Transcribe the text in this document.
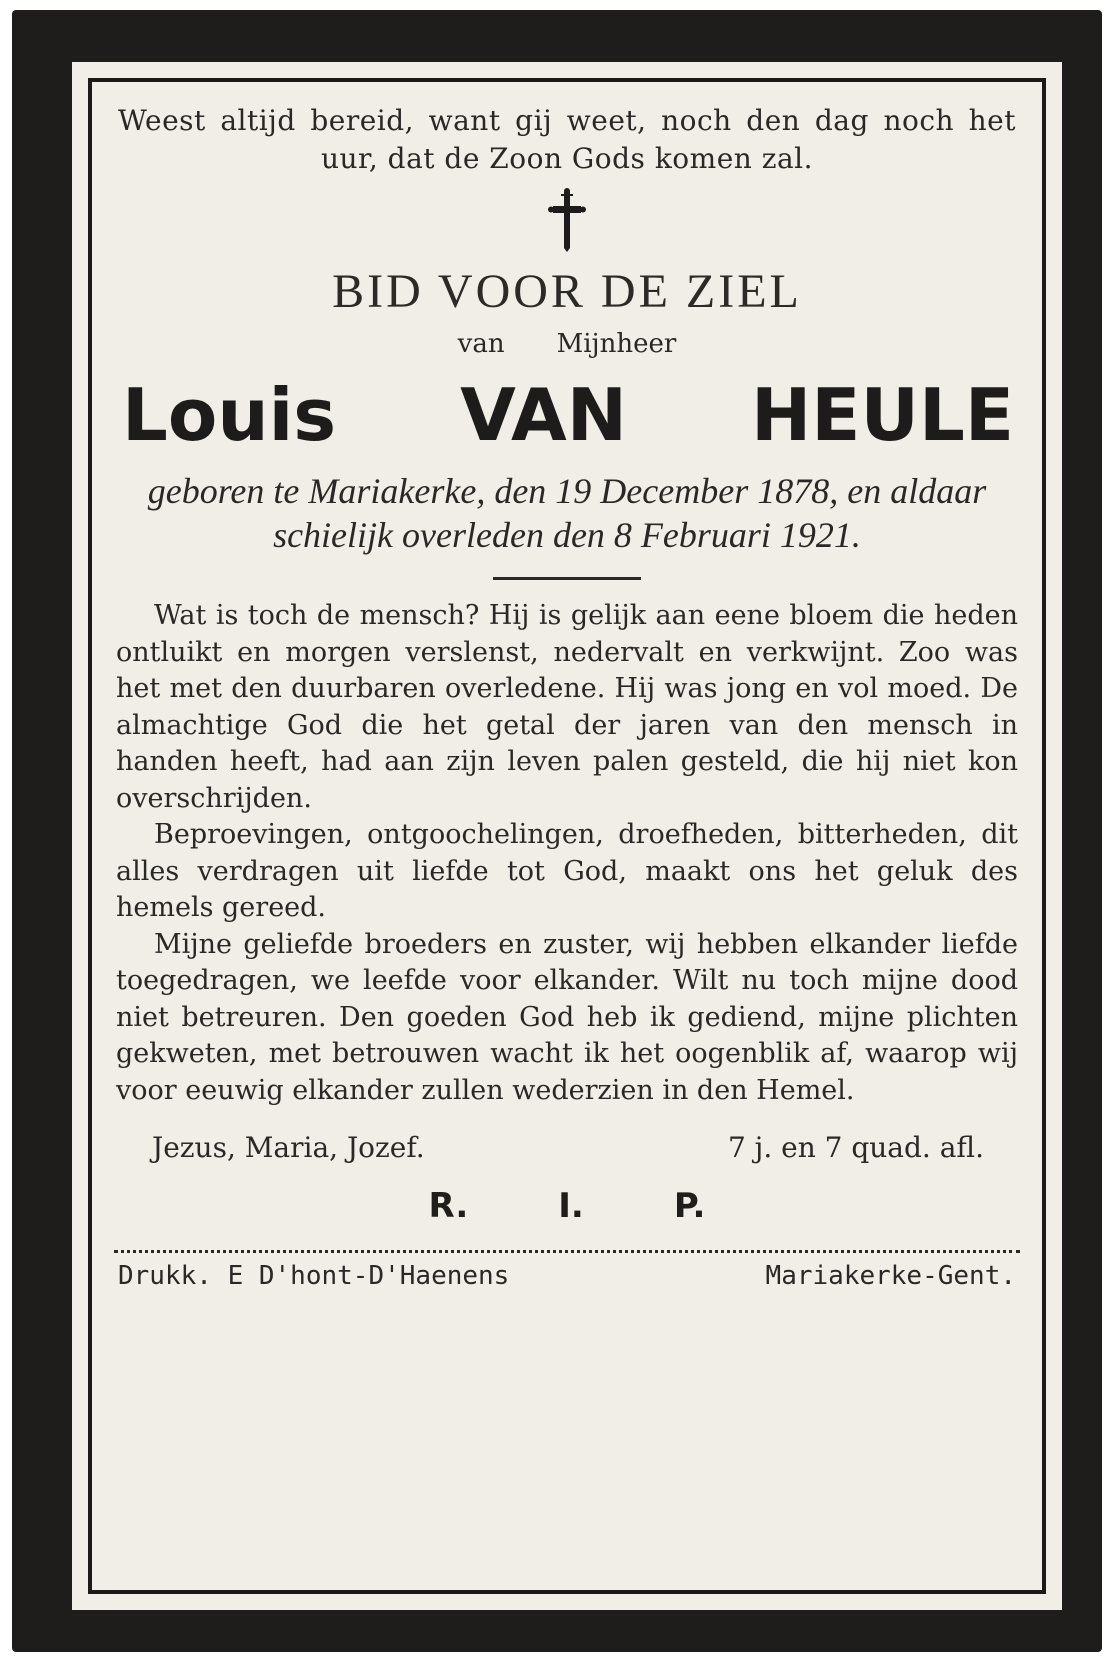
Weest altijd bereid, want gij weet, noch den dag noch het uur, dat de Zoon Gods komen zal.
BID VOOR DE ZIEL
van Mijnheer
Louis VAN HEULE
geboren te Mariakerke, den 19 December 1878, en aldaar schielijk overleden den 8 Februari 1921.
Wat is toch de mensch? Hij is gelijk aan eene bloem die heden ontluikt en morgen verslenst, nedervalt en verkwijnt. Zoo was het met den duurbaren overledene. Hij was jong en vol moed. De almachtige God die het getal der jaren van den mensch in handen heeft, had aan zijn leven palen gesteld, die hij niet kon overschrijden.
Beproevingen, ontgoochelingen, droefheden, bitterheden, dit alles verdragen uit liefde tot God, maakt ons het geluk des hemels gereed.
Mijne geliefde broeders en zuster, wij hebben elkander liefde toegedragen, we leefde voor elkander. Wilt nu toch mijne dood niet betreuren. Den goeden God heb ik gediend, mijne plichten gekweten, met betrouwen wacht ik het oogenblik af, waarop wij voor eeuwig elkander zullen wederzien in den Hemel.
Jezus, Maria, Jozef.	7 j. en 7 quad. afl.
R.	I.	P.
Drukk. E D'hont-D'Haenens	Mariakerke-Gent.
